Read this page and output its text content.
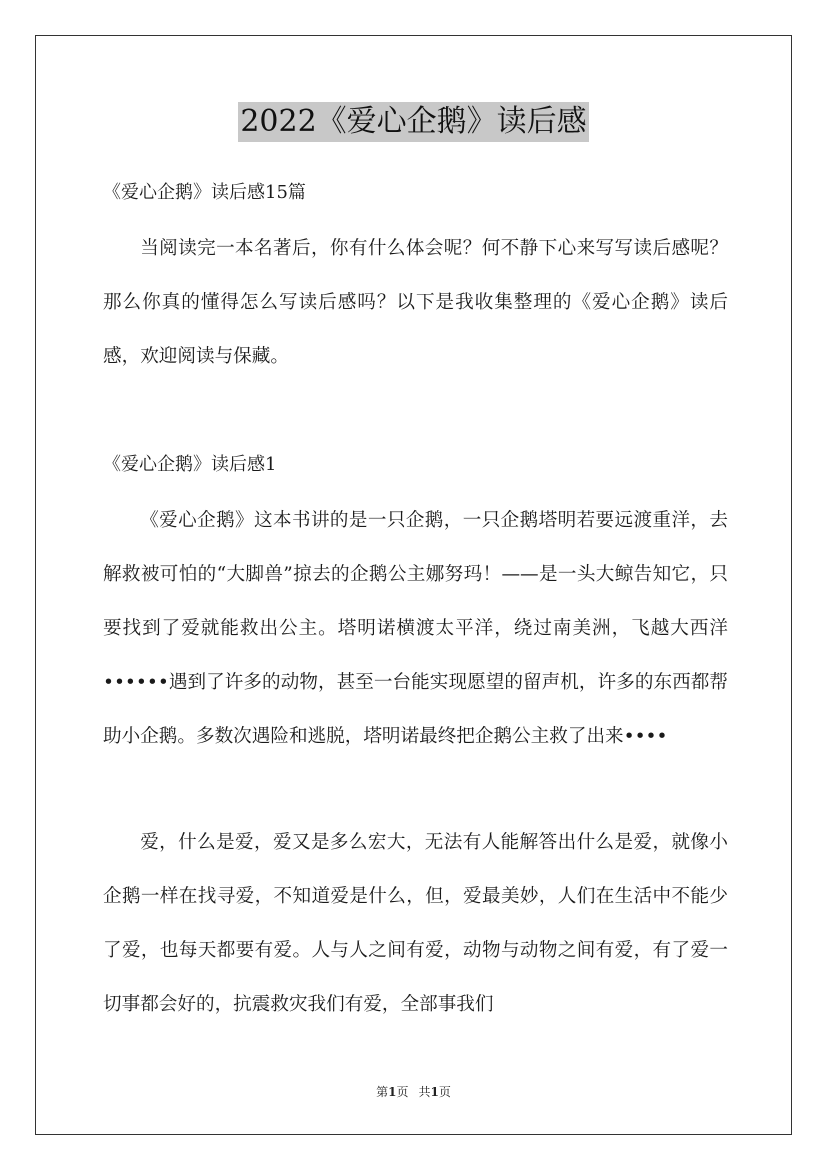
2022《爱心企鹅》读后感
《爱心企鹅》读后感15篇

当阅读完一本名著后，你有什么体会呢？何不静下心来写写读后感呢？那么你真的懂得怎么写读后感吗？以下是我收集整理的《爱心企鹅》读后感，欢迎阅读与保藏。

《爱心企鹅》读后感1

《爱心企鹅》这本书讲的是一只企鹅，一只企鹅塔明若要远渡重洋，去解救被可怕的“大脚兽”掠去的企鹅公主娜努玛！——是一头大鲸告知它，只要找到了爱就能救出公主。塔明诺横渡太平洋，绕过南美洲，飞越大西洋••••••遇到了许多的动物，甚至一台能实现愿望的留声机，许多的东西都帮助小企鹅。多数次遇险和逃脱，塔明诺最终把企鹅公主救了出来••••

爱，什么是爱，爱又是多么宏大，无法有人能解答出什么是爱，就像小企鹅一样在找寻爱，不知道爱是什么，但，爱最美妙，人们在生活中不能少了爱，也每天都要有爱。人与人之间有爱，动物与动物之间有爱，有了爱一切事都会好的，抗震救灾我们有爱，全部事我们

第1页 共1页
